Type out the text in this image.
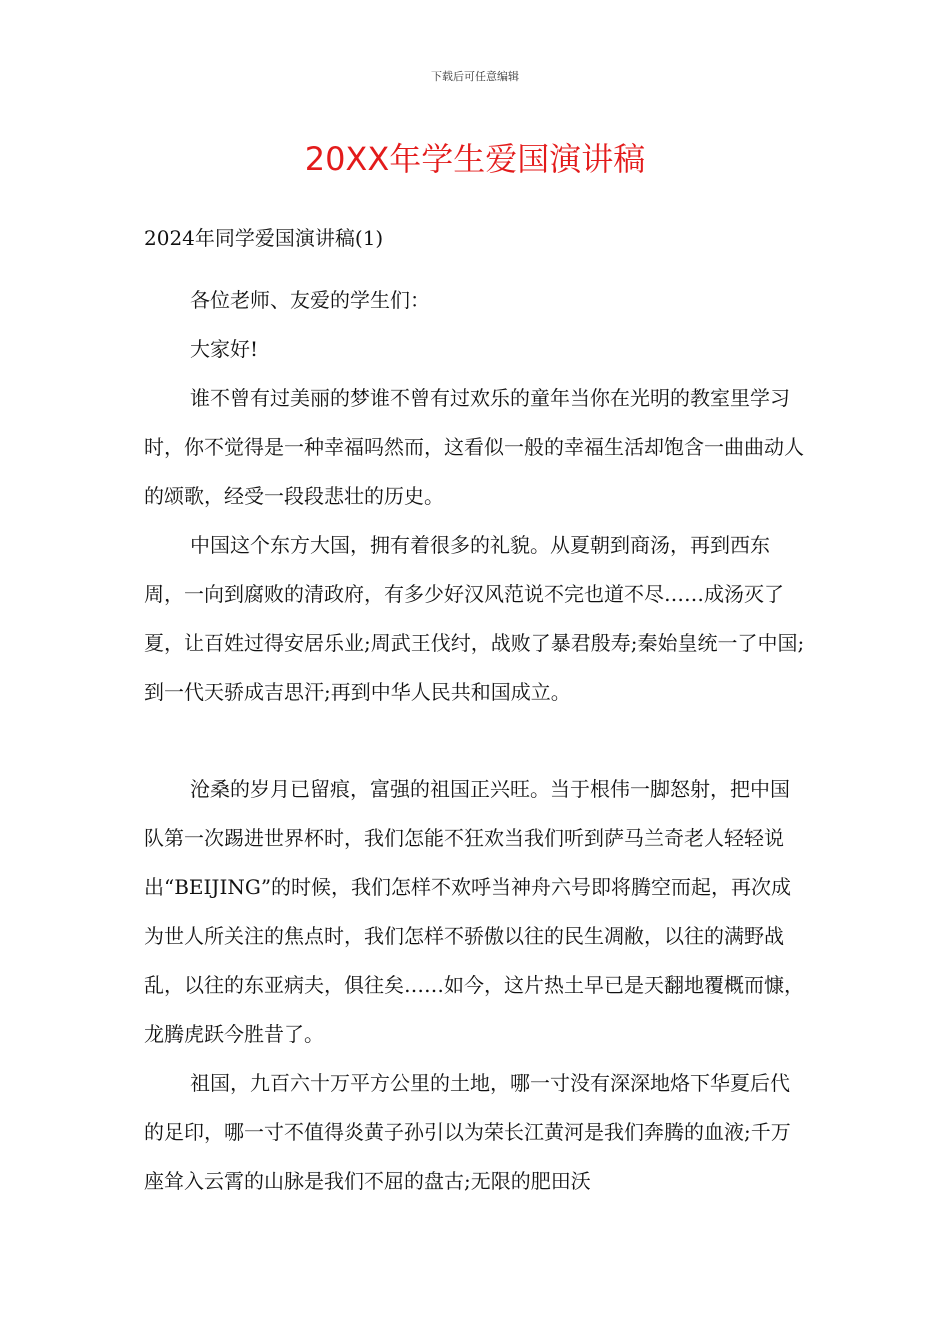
下载后可任意编辑
20XX年学生爱国演讲稿

2024年同学爱国演讲稿(1)

各位老师、友爱的学生们：

大家好!

谁不曾有过美丽的梦谁不曾有过欢乐的童年当你在光明的教室里学习时，你不觉得是一种幸福吗然而，这看似一般的幸福生活却饱含一曲曲动人的颂歌，经受一段段悲壮的历史。

中国这个东方大国，拥有着很多的礼貌。从夏朝到商汤，再到西东周，一向到腐败的清政府，有多少好汉风范说不完也道不尽……成汤灭了夏，让百姓过得安居乐业;周武王伐纣，战败了暴君殷寿;秦始皇统一了中国;到一代天骄成吉思汗;再到中华人民共和国成立。

沧桑的岁月已留痕，富强的祖国正兴旺。当于根伟一脚怒射，把中国队第一次踢进世界杯时，我们怎能不狂欢当我们听到萨马兰奇老人轻轻说出“BEIJING”的时候，我们怎样不欢呼当神舟六号即将腾空而起，再次成为世人所关注的焦点时，我们怎样不骄傲以往的民生凋敝，以往的满野战乱，以往的东亚病夫，俱往矣……如今，这片热土早已是天翻地覆概而慷，龙腾虎跃今胜昔了。

祖国，九百六十万平方公里的土地，哪一寸没有深深地烙下华夏后代的足印，哪一寸不值得炎黄子孙引以为荣长江黄河是我们奔腾的血液;千万座耸入云霄的山脉是我们不屈的盘古;无限的肥田沃
